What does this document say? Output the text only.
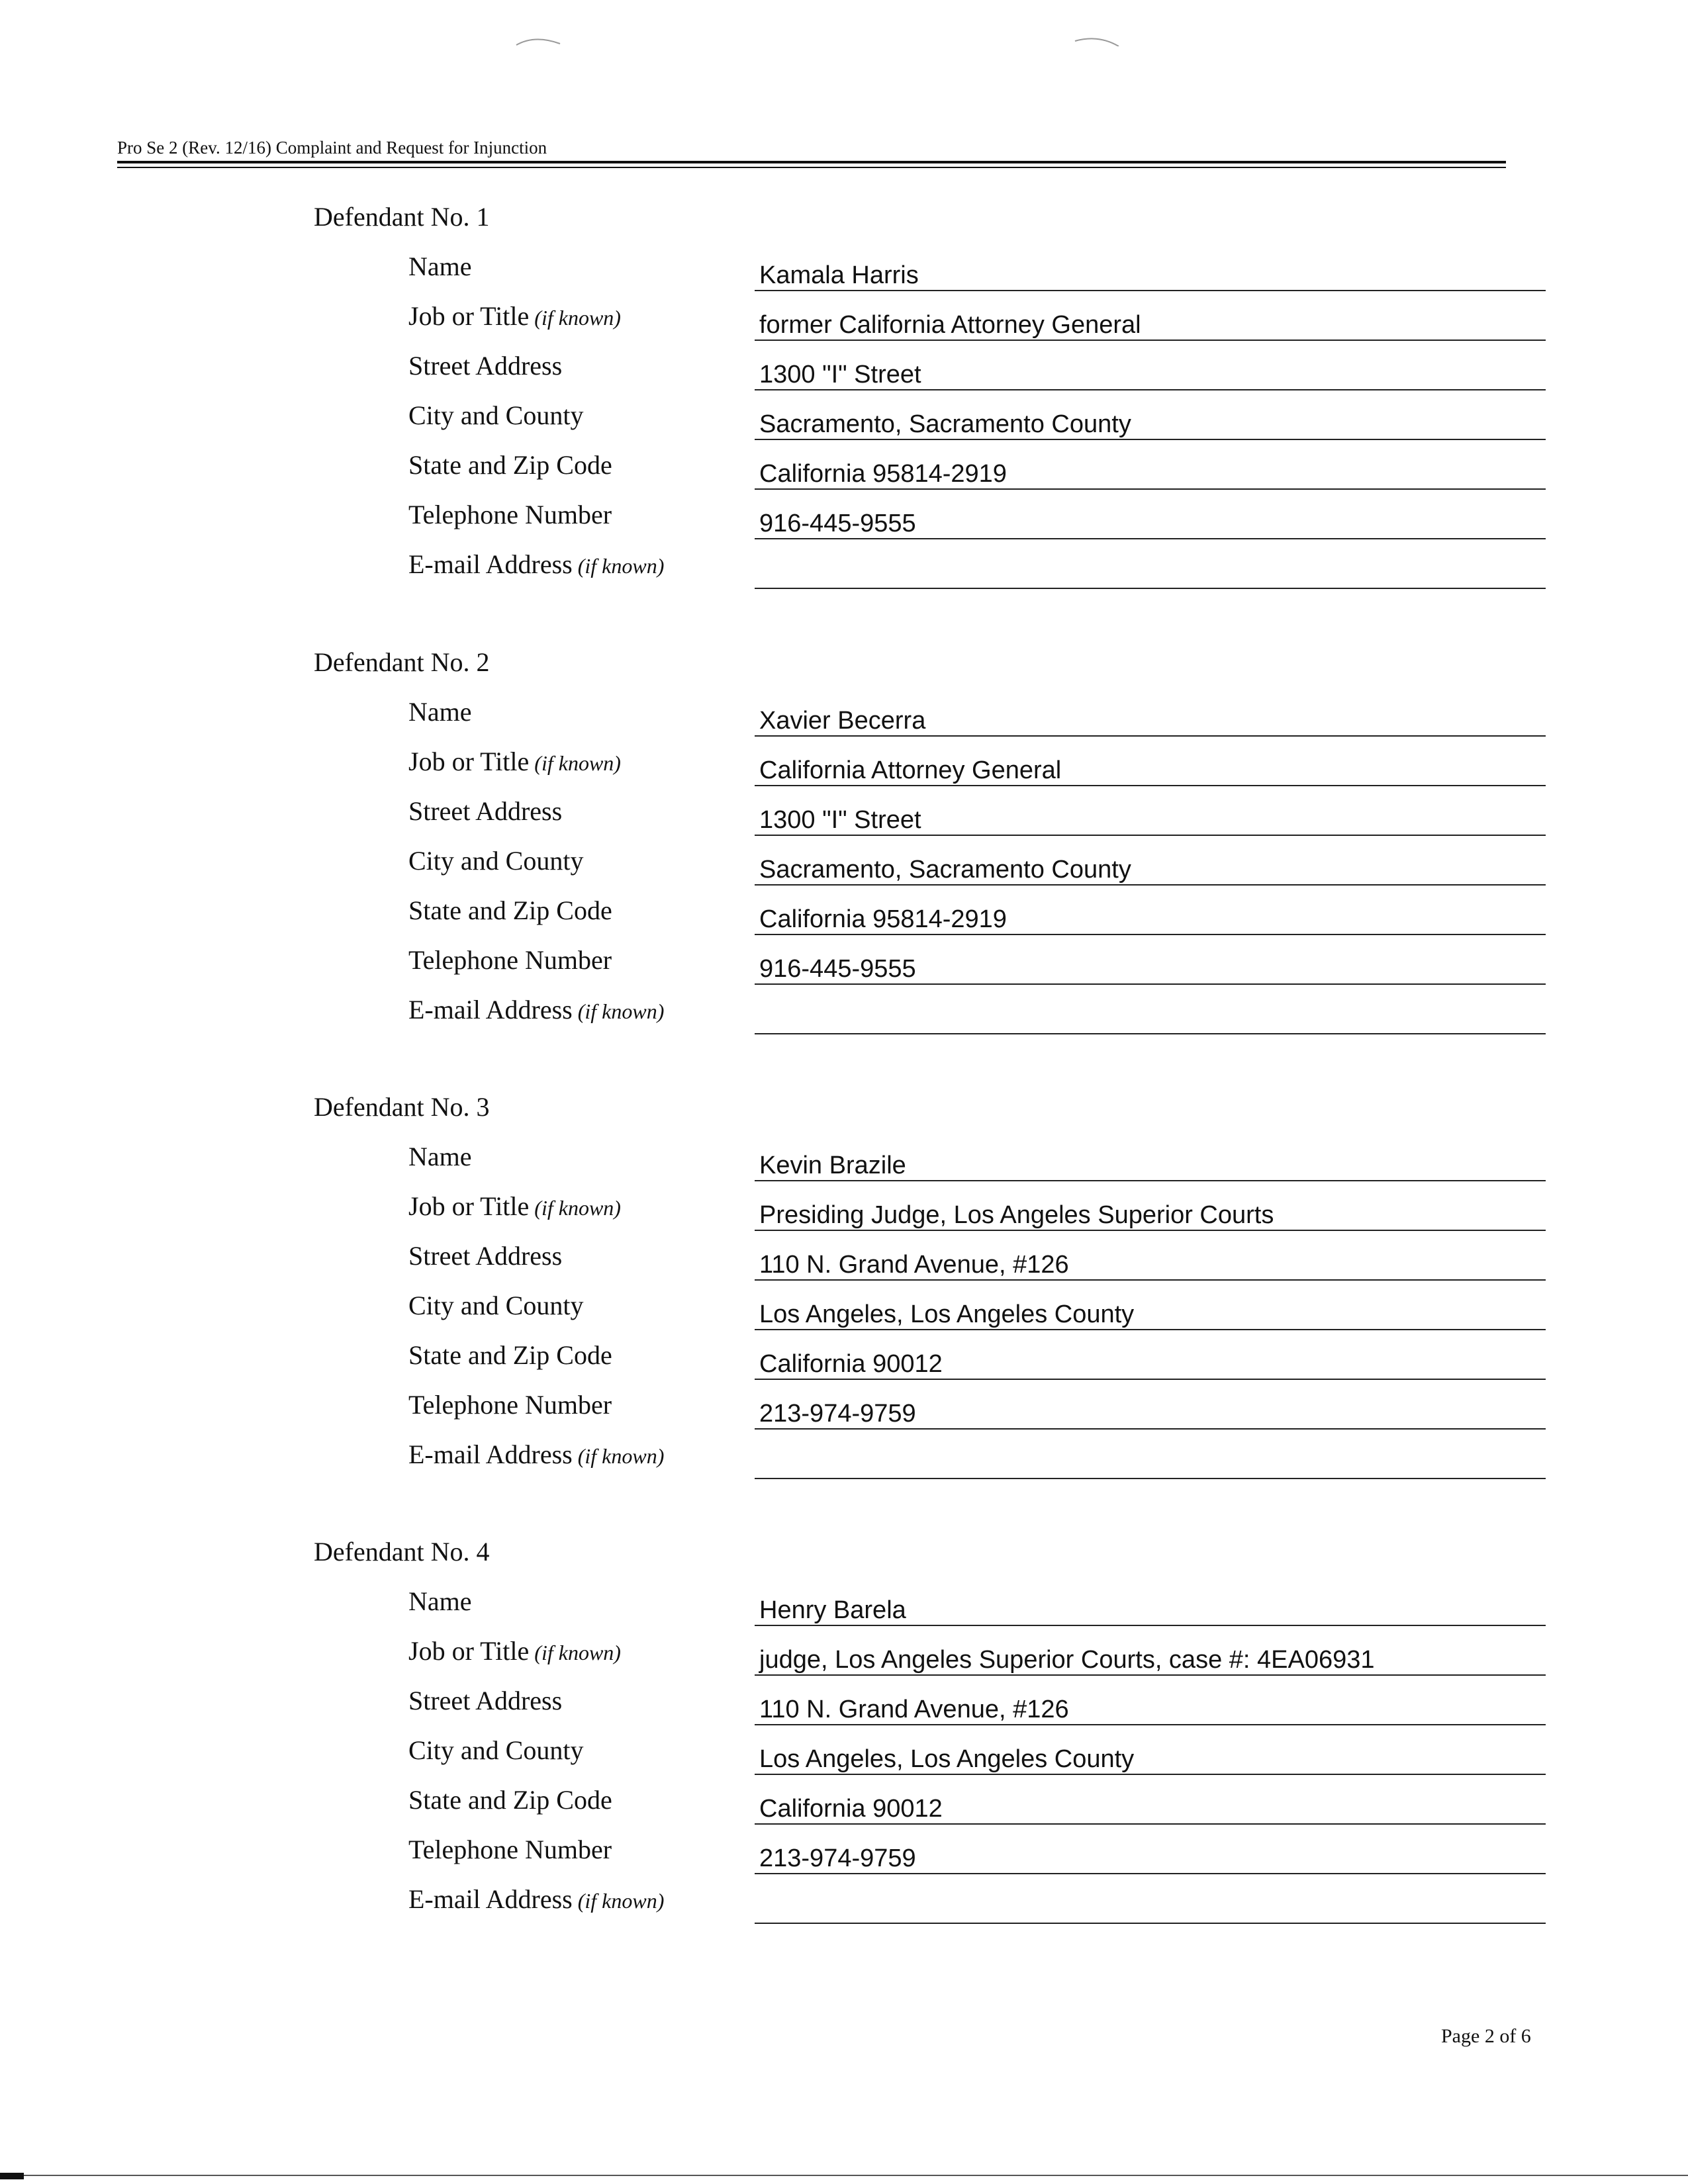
Pro Se 2 (Rev. 12/16) Complaint and Request for Injunction
Defendant No. 1
Name	Kamala Harris
Job or Title (if known)	former California Attorney General
Street Address	1300 "I" Street
City and County	Sacramento, Sacramento County
State and Zip Code	California 95814-2919
Telephone Number	916-445-9555
E-mail Address (if known)
Defendant No. 2
Name	Xavier Becerra
Job or Title (if known)	California Attorney General
Street Address	1300 "I" Street
City and County	Sacramento, Sacramento County
State and Zip Code	California 95814-2919
Telephone Number	916-445-9555
E-mail Address (if known)
Defendant No. 3
Name	Kevin Brazile
Job or Title (if known)	Presiding Judge, Los Angeles Superior Courts
Street Address	110 N. Grand Avenue, #126
City and County	Los Angeles, Los Angeles County
State and Zip Code	California 90012
Telephone Number	213-974-9759
E-mail Address (if known)
Defendant No. 4
Name	Henry Barela
Job or Title (if known)	judge, Los Angeles Superior Courts, case #: 4EA06931
Street Address	110 N. Grand Avenue, #126
City and County	Los Angeles, Los Angeles County
State and Zip Code	California 90012
Telephone Number	213-974-9759
E-mail Address (if known)
Page 2 of 6
